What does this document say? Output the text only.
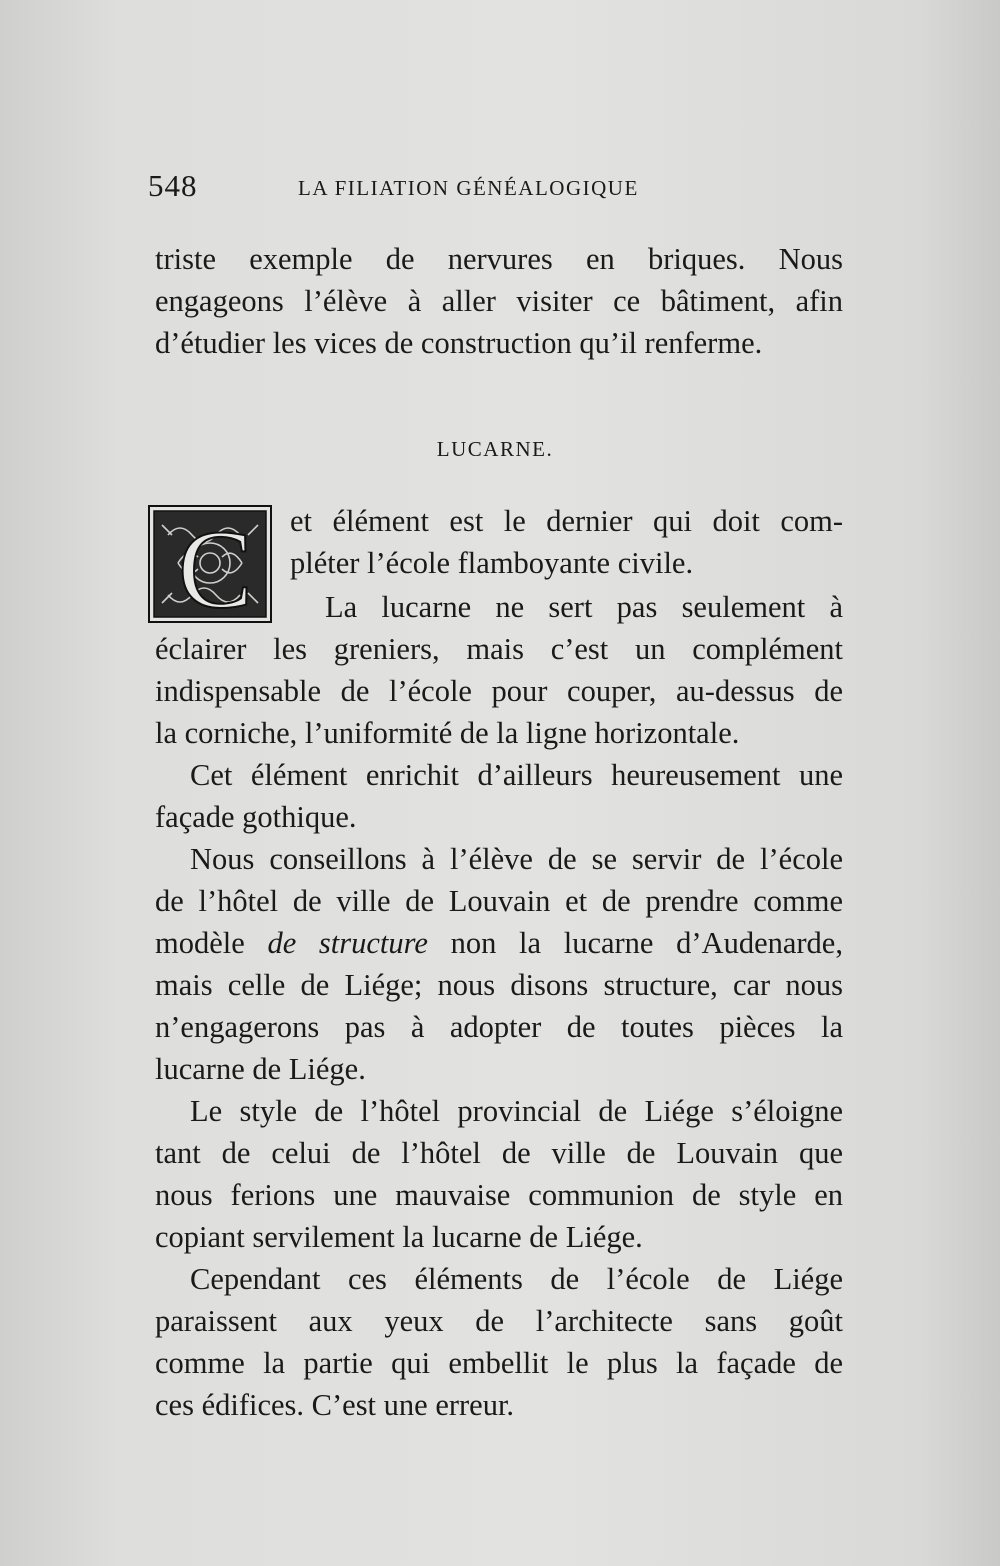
548	LA FILIATION GÉNÉALOGIQUE
triste exemple de nervures en briques. Nous
engageons l’élève à aller visiter ce bâtiment, afin
d’étudier les vices de construction qu’il renferme.
LUCARNE.
C et élément est le dernier qui doit com-
pléter l’école flamboyante civile.
La lucarne ne sert pas seulement à
éclairer les greniers, mais c’est un complément
indispensable de l’école pour couper, au-dessus de
la corniche, l’uniformité de la ligne horizontale.
Cet élément enrichit d’ailleurs heureusement une
façade gothique.
Nous conseillons à l’élève de se servir de l’école
de l’hôtel de ville de Louvain et de prendre comme
modèle de structure non la lucarne d’Audenarde,
mais celle de Liége; nous disons structure, car nous
n’engagerons pas à adopter de toutes pièces la
lucarne de Liége.
Le style de l’hôtel provincial de Liége s’éloigne
tant de celui de l’hôtel de ville de Louvain que
nous ferions une mauvaise communion de style en
copiant servilement la lucarne de Liége.
Cependant ces éléments de l’école de Liége
paraissent aux yeux de l’architecte sans goût
comme la partie qui embellit le plus la façade de
ces édifices. C’est une erreur.
